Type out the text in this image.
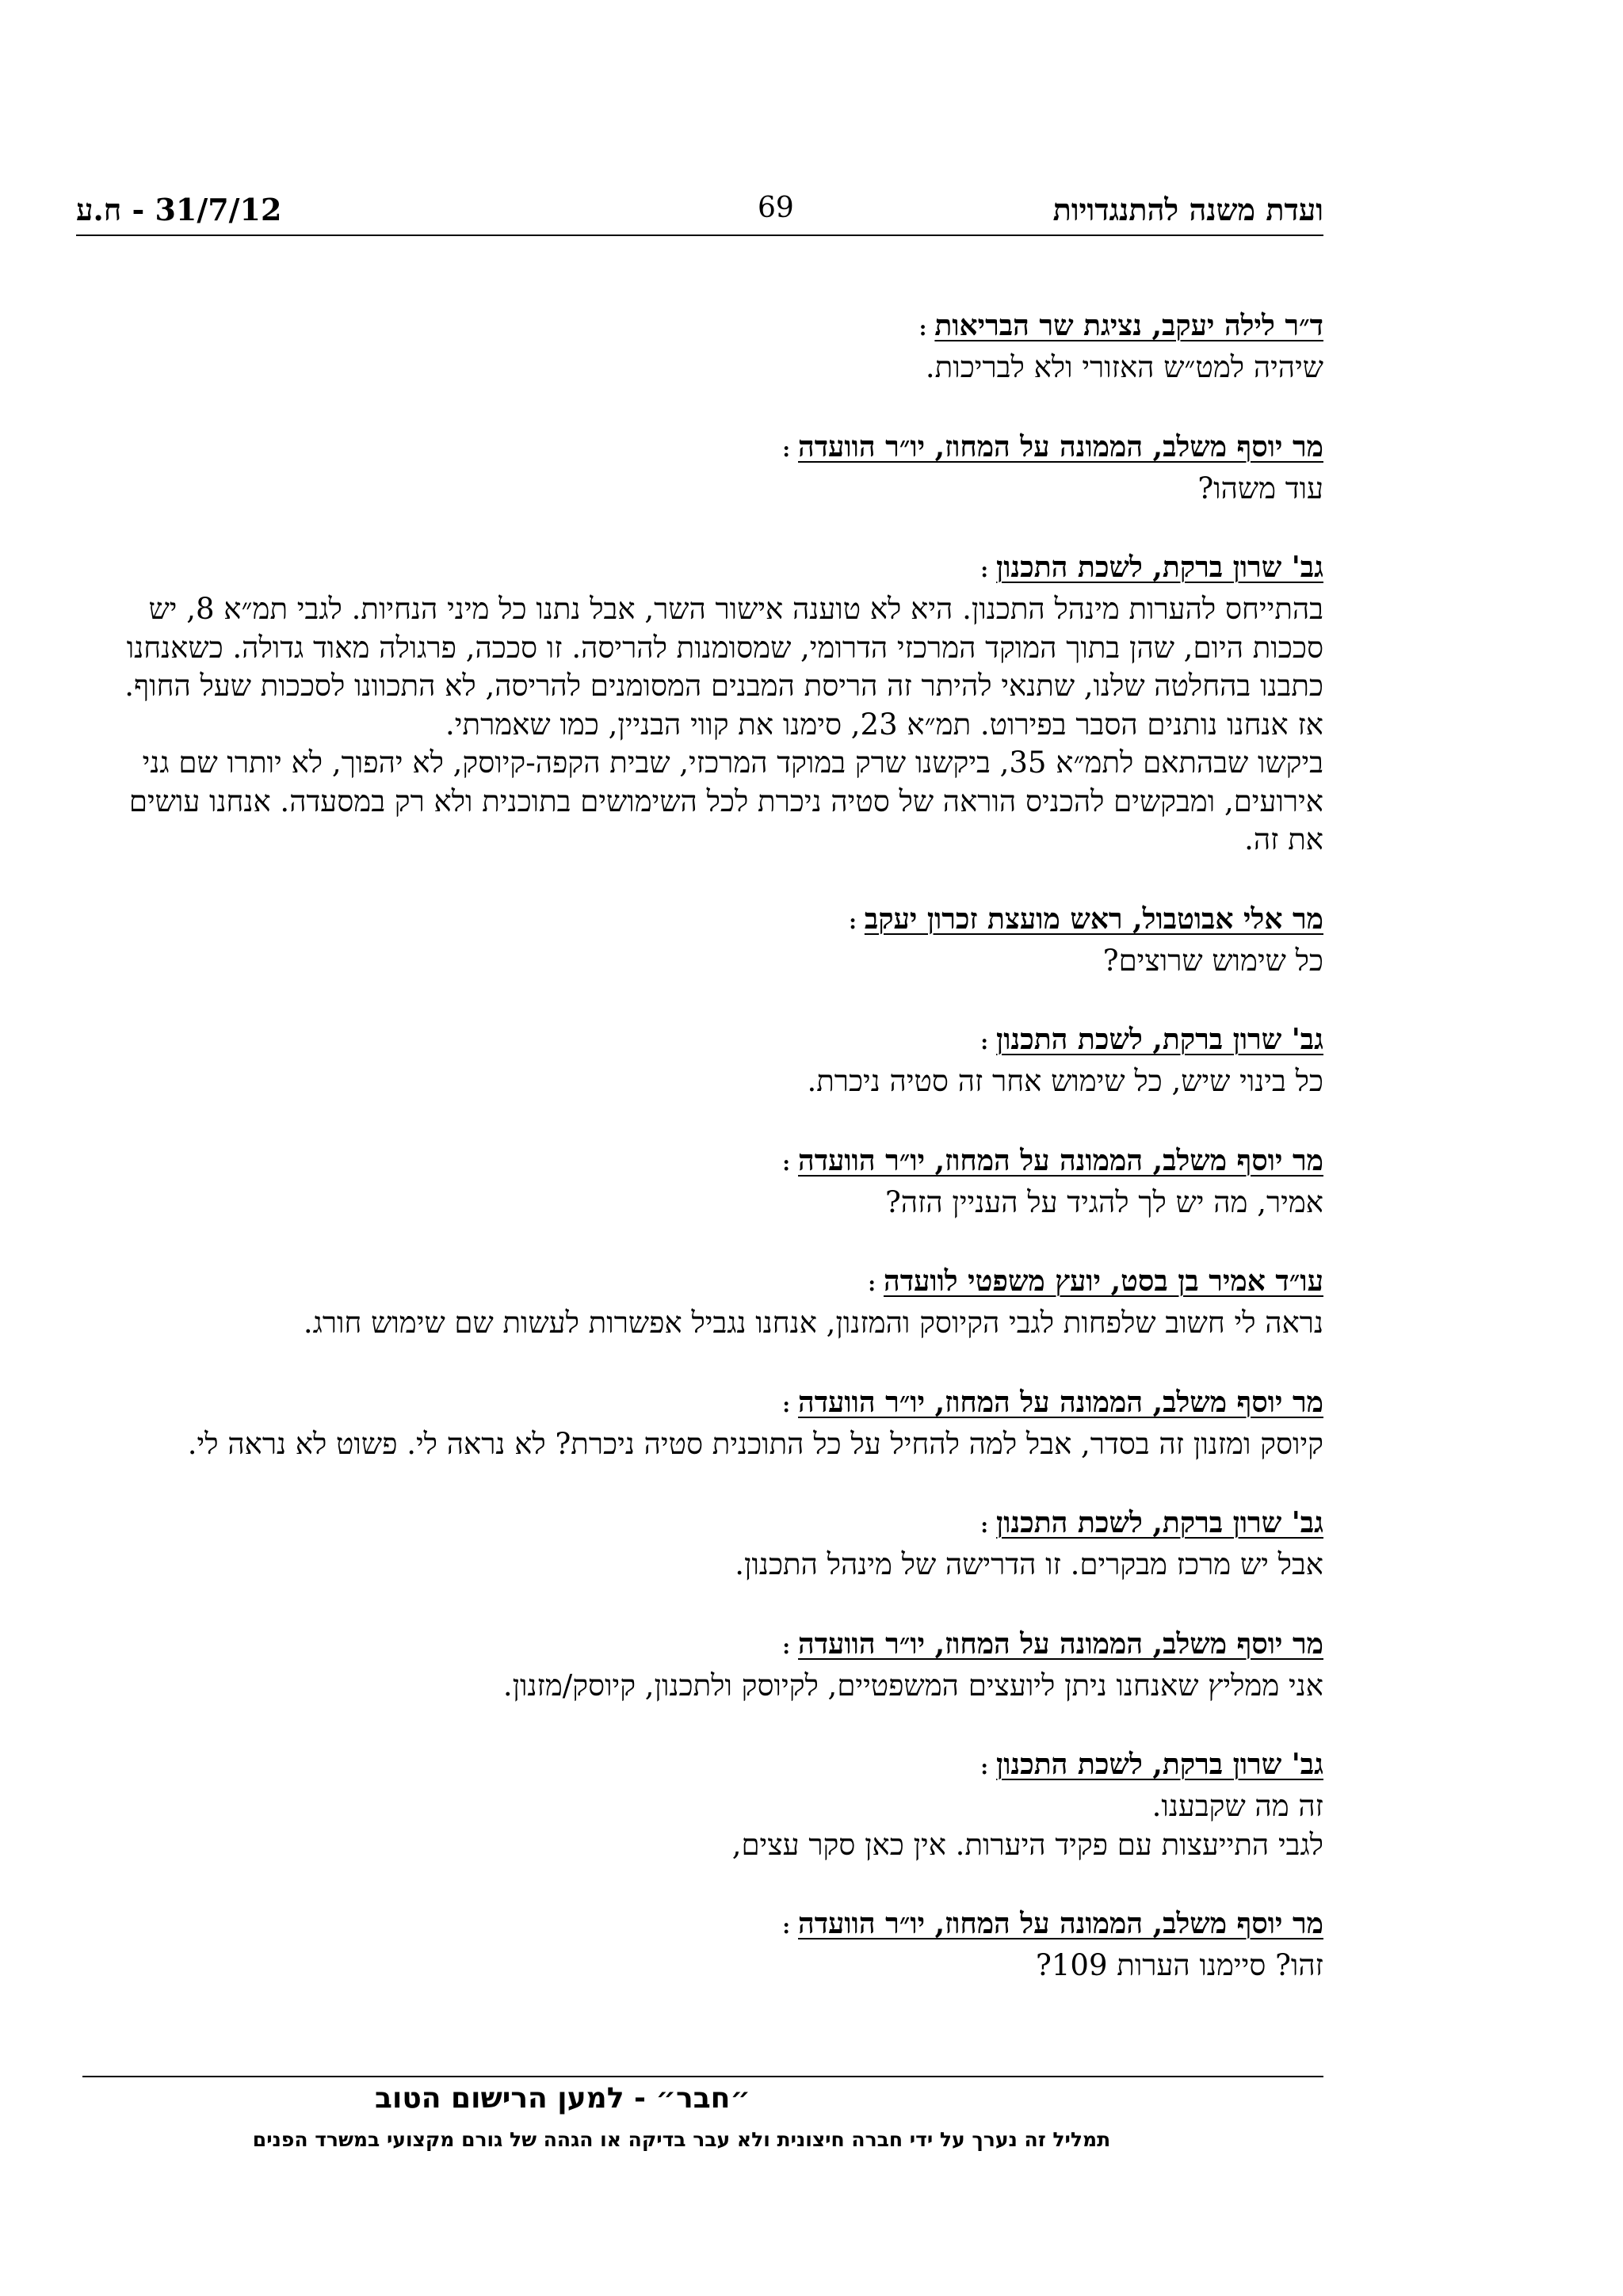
ועדת משנה להתנגדויות
69
31/7/12 - ח.ע
ד״ר לילה יעקב, נציגת שר הבריאות:

שיהיה למט״ש האזורי ולא לבריכות.

מר יוסף משלב, הממונה על המחוז, יו״ר הוועדה:

עוד משהו?

גב' שרון ברקת, לשכת התכנון:

בהתייחס להערות מינהל התכנון. היא לא טוענה אישור השר, אבל נתנו כל מיני הנחיות. לגבי תמ״א 8, יש סככות היום, שהן בתוך המוקד המרכזי הדרומי, שמסומנות להריסה. זו סככה, פרגולה מאוד גדולה. כשאנחנו כתבנו בהחלטה שלנו, שתנאי להיתר זה הריסת המבנים המסומנים להריסה, לא התכוונו לסככות שעל החוף. אז אנחנו נותנים הסבר בפירוט. תמ״א 23, סימנו את קווי הבניין, כמו שאמרתי.

ביקשו שבהתאם לתמ״א 35, ביקשנו שרק במוקד המרכזי, שבית הקפה-קיוסק, לא יהפוך, לא יותרו שם גני אירועים, ומבקשים להכניס הוראה של סטיה ניכרת לכל השימושים בתוכנית ולא רק במסעדה. אנחנו עושים את זה.

מר אלי אבוטבול, ראש מועצת זכרון יעקב:

כל שימוש שרוצים?

גב' שרון ברקת, לשכת התכנון:

כל בינוי שיש, כל שימוש אחר זה סטיה ניכרת.

מר יוסף משלב, הממונה על המחוז, יו״ר הוועדה:

אמיר, מה יש לך להגיד על העניין הזה?

עו״ד אמיר בן בסט, יועץ משפטי לוועדה:

נראה לי חשוב שלפחות לגבי הקיוסק והמזנון, אנחנו נגביל אפשרות לעשות שם שימוש חורג.

מר יוסף משלב, הממונה על המחוז, יו״ר הוועדה:

קיוסק ומזנון זה בסדר, אבל למה להחיל על כל התוכנית סטיה ניכרת? לא נראה לי. פשוט לא נראה לי.

גב' שרון ברקת, לשכת התכנון:

אבל יש מרכז מבקרים. זו הדרישה של מינהל התכנון.

מר יוסף משלב, הממונה על המחוז, יו״ר הוועדה:

אני ממליץ שאנחנו ניתן ליועצים המשפטיים, לקיוסק ולתכנון, קיוסק/מזנון.

גב' שרון ברקת, לשכת התכנון:

זה מה שקבענו.

לגבי התייעצות עם פקיד היערות. אין כאן סקר עצים,

מר יוסף משלב, הממונה על המחוז, יו״ר הוועדה:

זהו? סיימנו הערות 109?

״חבר״ - למען הרישום הטוב
תמליל זה נערך על ידי חברה חיצונית ולא עבר בדיקה או הגהה של גורם מקצועי במשרד הפנים
